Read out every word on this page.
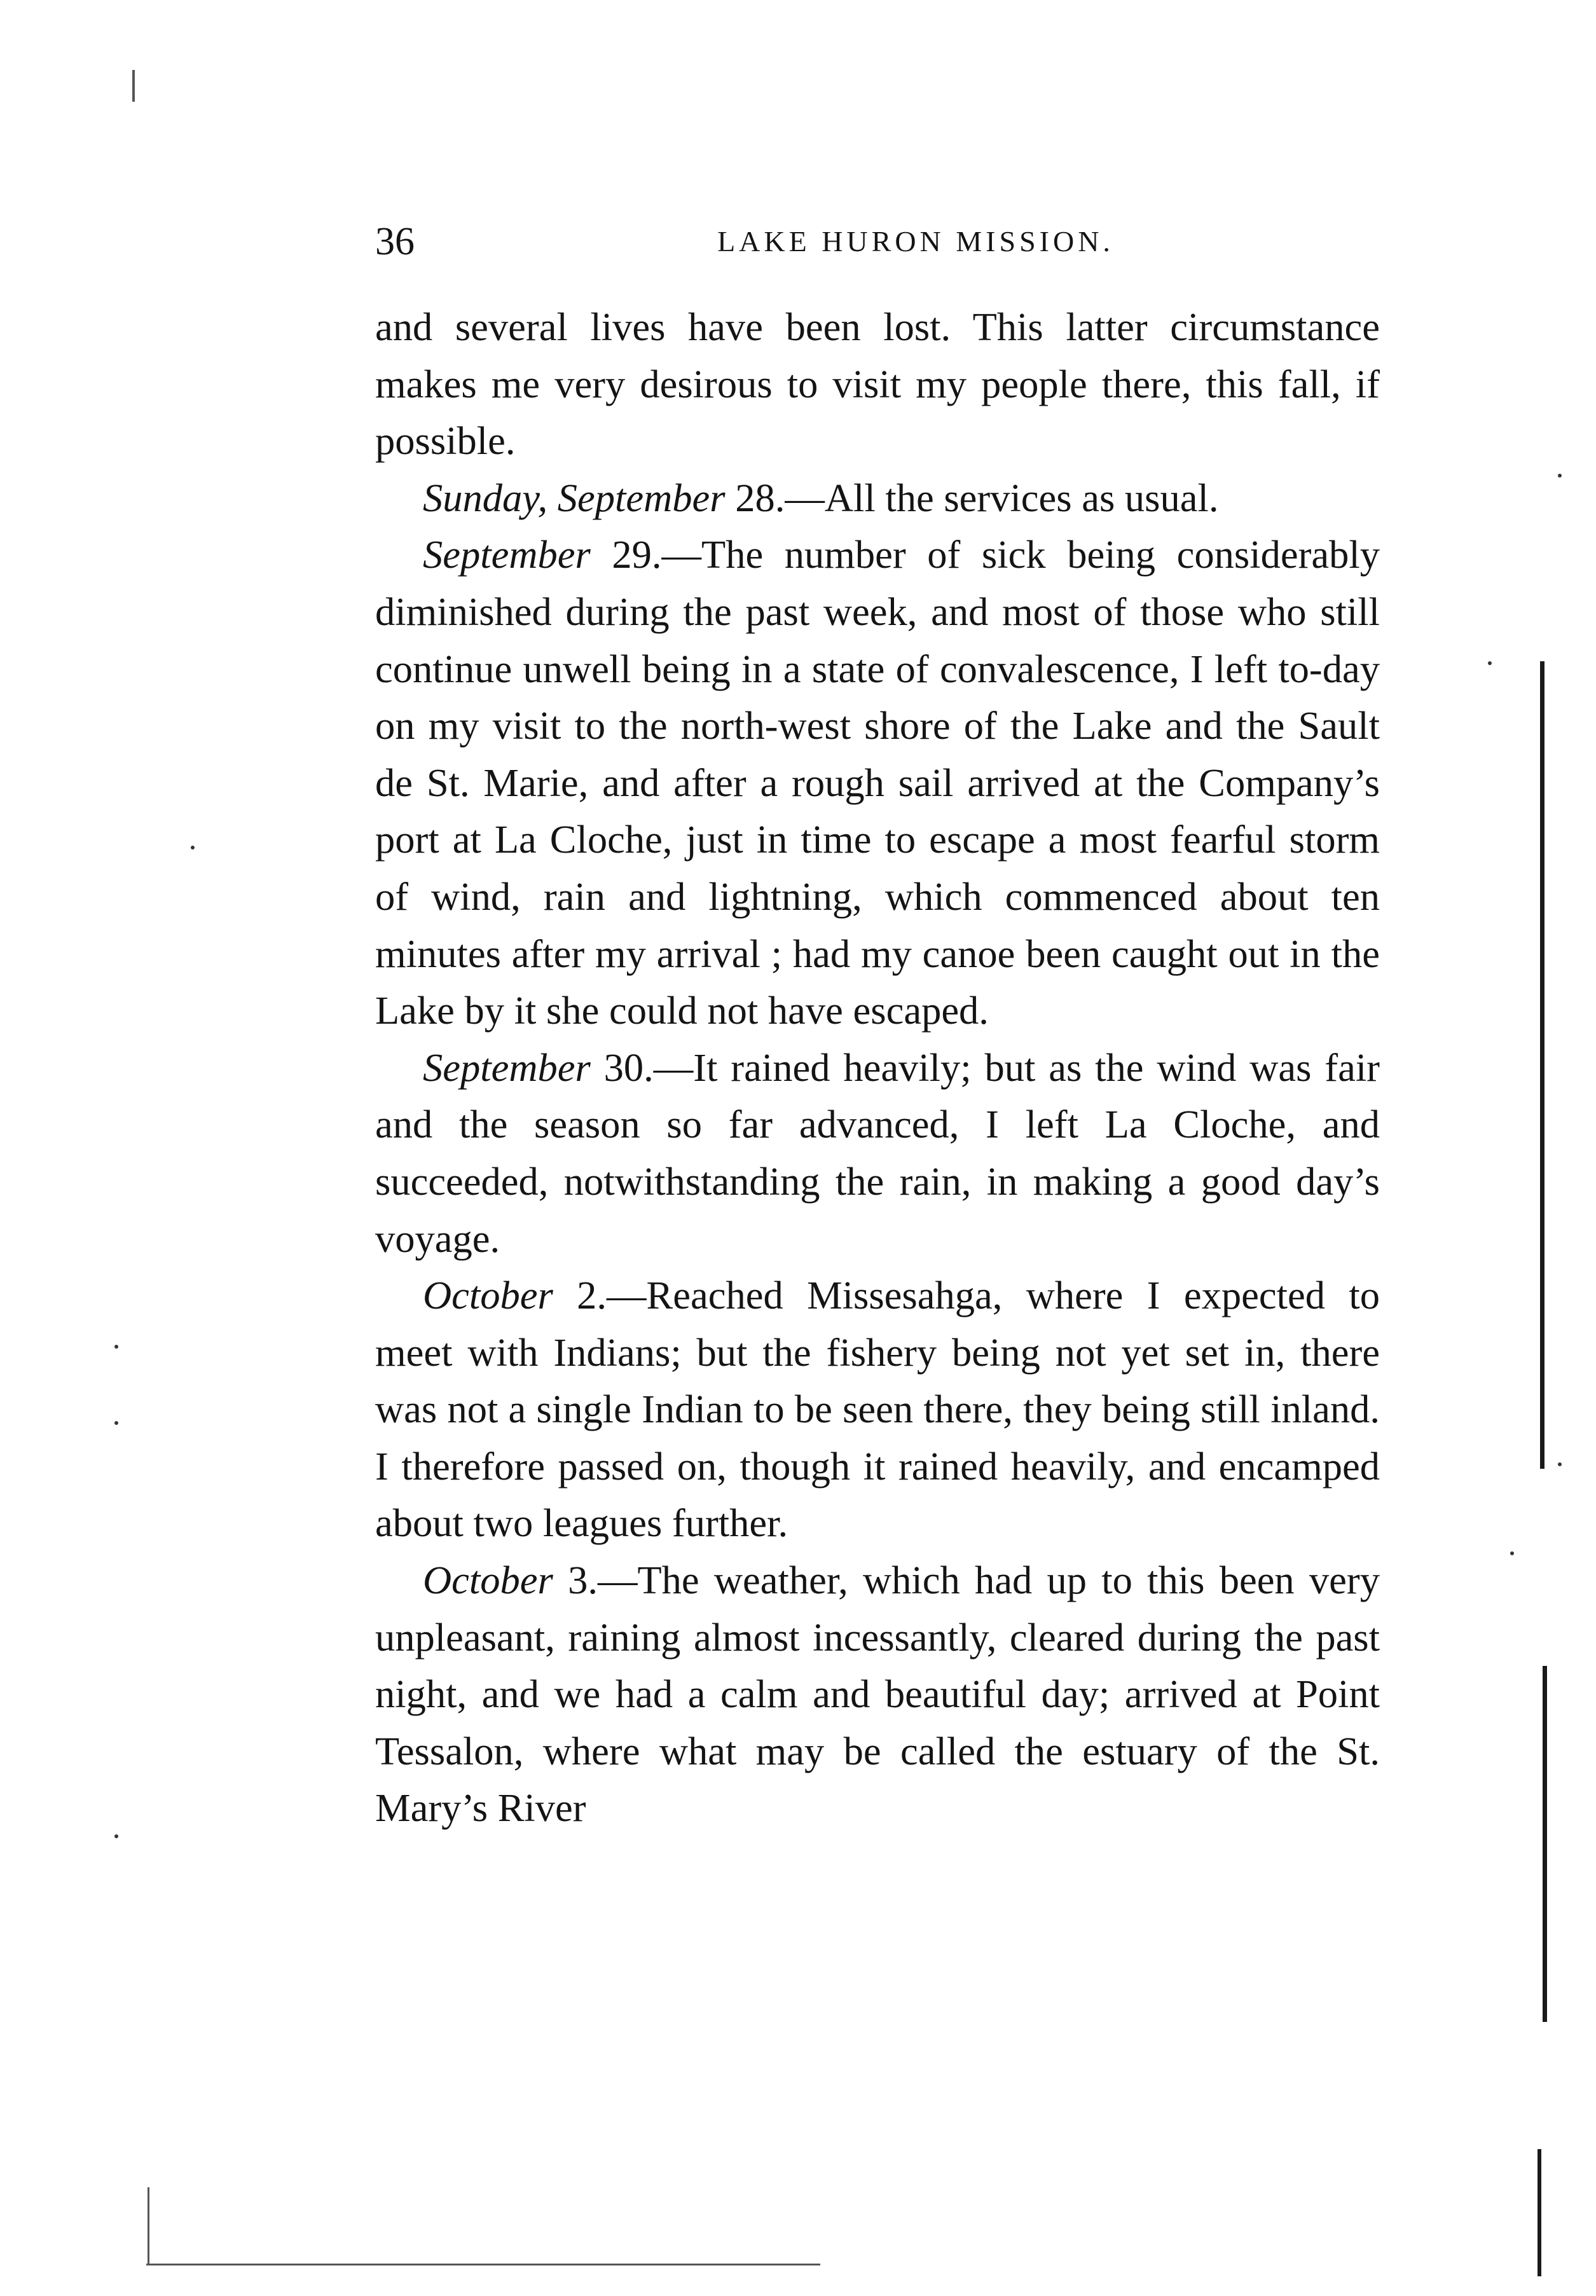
36	LAKE HURON MISSION.

and several lives have been lost. This latter circumstance makes me very desirous to visit my people there, this fall, if possible.

Sunday, September 28.—All the services as usual.

September 29.—The number of sick being considerably diminished during the past week, and most of those who still continue unwell being in a state of convalescence, I left to-day on my visit to the north-west shore of the Lake and the Sault de St. Marie, and after a rough sail arrived at the Company’s port at La Cloche, just in time to escape a most fearful storm of wind, rain and lightning, which commenced about ten minutes after my arrival ; had my canoe been caught out in the Lake by it she could not have escaped.

September 30.—It rained heavily; but as the wind was fair and the season so far advanced, I left La Cloche, and succeeded, notwithstanding the rain, in making a good day’s voyage.

October 2.—Reached Missesahga, where I expected to meet with Indians; but the fishery being not yet set in, there was not a single Indian to be seen there, they being still inland. I therefore passed on, though it rained heavily, and encamped about two leagues further.

October 3.—The weather, which had up to this been very unpleasant, raining almost incessantly, cleared during the past night, and we had a calm and beautiful day; arrived at Point Tessalon, where what may be called the estuary of the St. Mary’s River
